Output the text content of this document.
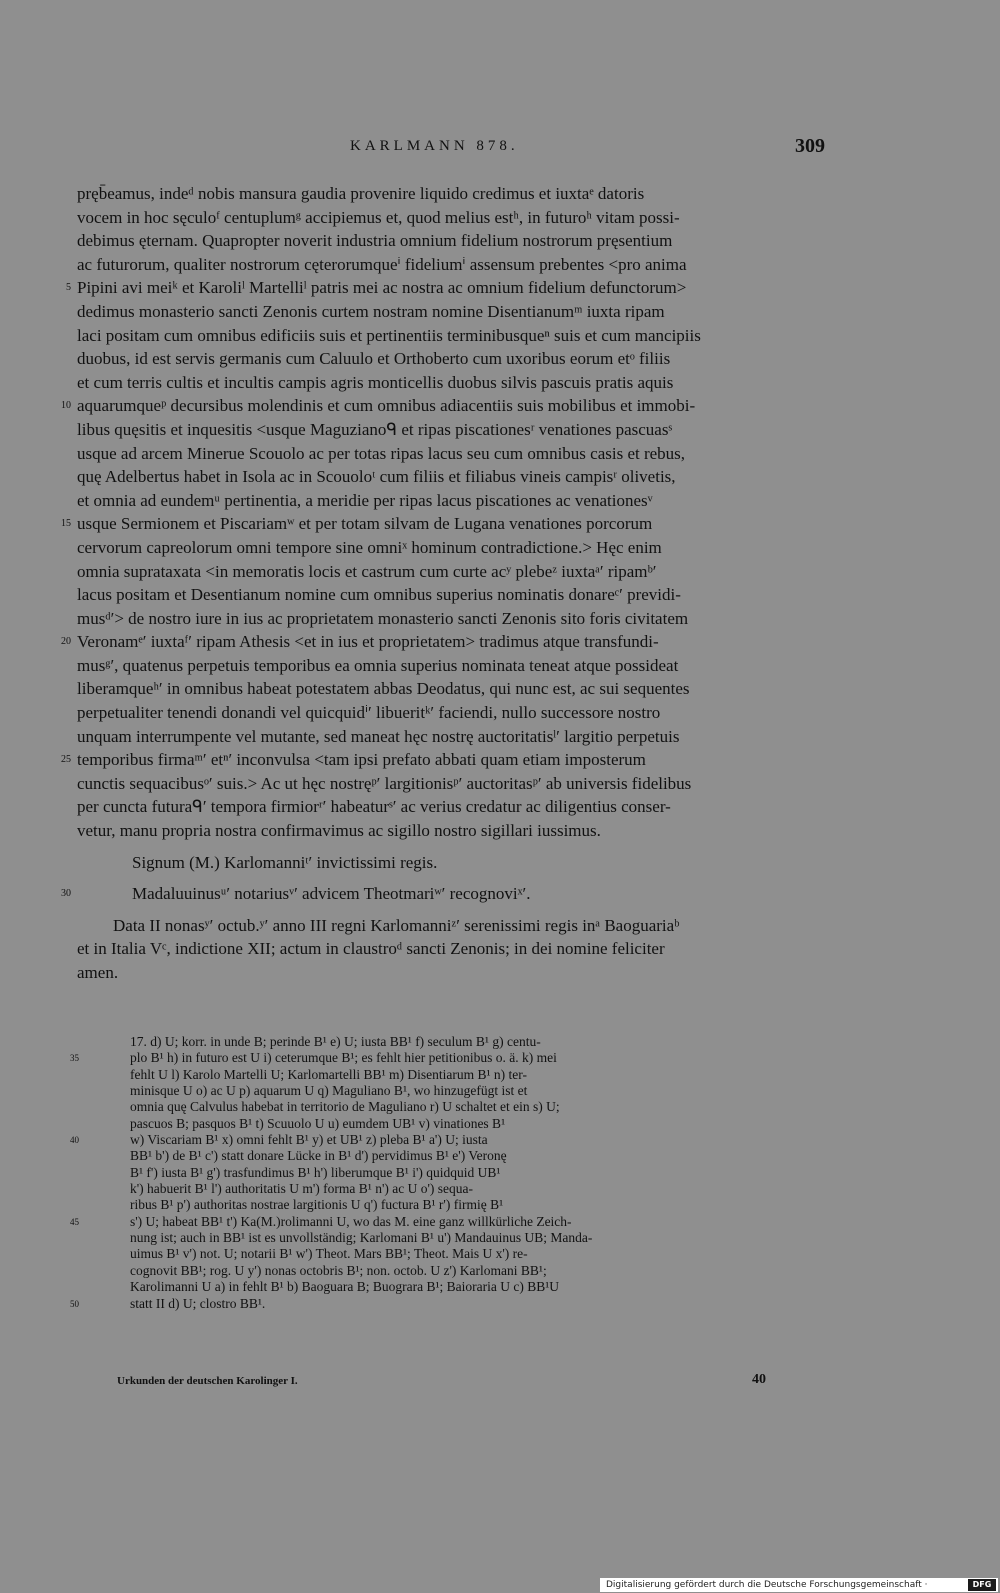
KARLMANN 878.	309
pręb̄eamus, indeᵈ nobis mansura gaudia provenire liquido credimus et iuxtaᵉ datoris
vocem in hoc sęculoᶠ centuplumᵍ accipiemus et, quod melius estʰ, in futuroʰ vitam possi-
debimus ęternam. Quapropter noverit industria omnium fidelium nostrorum pręsentium
ac futurorum, qualiter nostrorum cęterorumqueⁱ fideliumⁱ assensum prebentes <pro anima
5 Pipini avi meiᵏ et Karoliˡ Martelliˡ patris mei ac nostra ac omnium fidelium defunctorum>
dedimus monasterio sancti Zenonis curtem nostram nomine Disentianumᵐ iuxta ripam
laci positam cum omnibus edificiis suis et pertinentiis terminibusqueⁿ suis et cum mancipiis
duobus, id est servis germanis cum Caluulo et Orthoberto cum uxoribus eorum etᵒ filiis
et cum terris cultis et incultis campis agris monticellis duobus silvis pascuis pratis aquis
10 aquarumqueᵖ decursibus molendinis et cum omnibus adiacentiis suis mobilibus et immobi-
libus quęsitis et inquesitis <usque Maguzianoᑫ et ripas piscationesʳ venationes pascuasˢ
usque ad arcem Minerue Scouolo ac per totas ripas lacus seu cum omnibus casis et rebus,
quę Adelbertus habet in Isola ac in Scouoloᵗ cum filiis et filiabus vineis campisʳ olivetis,
et omnia ad eundemᵘ pertinentia, a meridie per ripas lacus piscationes ac venationesᵛ
15 usque Sermionem et Piscariamʷ et per totam silvam de Lugana venationes porcorum
cervorum capreolorum omni tempore sine omniˣ hominum contradictione.> Hęc enim
omnia suprataxata <in memoratis locis et castrum cum curte acʸ plebeᶻ iuxtaᵃ′ ripamᵇ′
lacus positam et Desentianum nomine cum omnibus superius nominatis donareᶜ′ previdi-
musᵈ′> de nostro iure in ius ac proprietatem monasterio sancti Zenonis sito foris civitatem
20 Veronamᵉ′ iuxtaᶠ′ ripam Athesis <et in ius et proprietatem> tradimus atque transfundi-
musᵍ′, quatenus perpetuis temporibus ea omnia superius nominata teneat atque possideat
liberamqueʰ′ in omnibus habeat potestatem abbas Deodatus, qui nunc est, ac sui sequentes
perpetualiter tenendi donandi vel quicquidⁱ′ libueritᵏ′ faciendi, nullo successore nostro
unquam interrumpente vel mutante, sed maneat hęc nostrę auctoritatisˡ′ largitio perpetuis
25 temporibus firmaᵐ′ etⁿ′ inconvulsa <tam ipsi prefato abbati quam etiam imposterum
cunctis sequacibusᵒ′ suis.> Ac ut hęc nostręᵖ′ largitionisᵖ′ auctoritasᵖ′ ab universis fidelibus
per cuncta futuraᑫ′ tempora firmiorʳ′ habeaturˢ′ ac verius credatur ac diligentius conser-
vetur, manu propria nostra confirmavimus ac sigillo nostro sigillari iussimus.
Signum (M.) Karlomanniᵗ′ invictissimi regis.
30	Madaluuinusᵘ′ notariusᵛ′ advicem Theotmariʷ′ recognoviˣ′.
Data II nonasʸ′ octub.ʸ′ anno III regni Karlomanniᶻ′ serenissimi regis inᵃ Baoguariaᵇ
et in Italia Vᶜ, indictione XII; actum in claustroᵈ sancti Zenonis; in dei nomine feliciter
amen.
17. d) U; korr. in unde B; perinde B¹ e) U; iusta BB¹ f) seculum B¹ g) centu-
35	plo B¹ h) in futuro est U i) ceterumque B¹; es fehlt hier petitionibus o. ä. k) mei
fehlt U l) Karolo Martelli U; Karlomartelli BB¹ m) Disentiarum B¹ n) ter-
minisque U o) ac U p) aquarum U q) Maguliano B¹, wo hinzugefügt ist et
omnia quę Calvulus habebat in territorio de Maguliano r) U schaltet et ein s) U;
pascuos B; pasquos B¹ t) Scuuolo U u) eumdem UB¹ v) vinationes B¹
40	w) Viscariam B¹ x) omni fehlt B¹ y) et UB¹ z) pleba B¹ a') U; iusta
BB¹ b') de B¹ c') statt donare Lücke in B¹ d') pervidimus B¹ e') Veronę
B¹ f') iusta B¹ g') trasfundimus B¹ h') liberumque B¹ i') quidquid UB¹
k') habuerit B¹ l') authoritatis U m') forma B¹ n') ac U o') sequa-
ribus B¹ p') authoritas nostrae largitionis U q') fuctura B¹ r') firmię B¹
45	s') U; habeat BB¹ t') Ka(M.)rolimanni U, wo das M. eine ganz willkürliche Zeich-
nung ist; auch in BB¹ ist es unvollständig; Karlomani B¹ u') Mandauinus UB; Manda-
uimus B¹ v') not. U; notarii B¹ w') Theot. Mars BB¹; Theot. Mais U x') re-
cognovit BB¹; rog. U y') nonas octobris B¹; non. octob. U z') Karlomani BB¹;
Karolimanni U a) in fehlt B¹ b) Baoguara B; Buograra B¹; Baioraria U c) BB¹U
50	statt II d) U; clostro BB¹.
Urkunden der deutschen Karolinger I.	40
Digitalisierung gefördert durch die Deutsche Forschungsgemeinschaft ·	DFG
